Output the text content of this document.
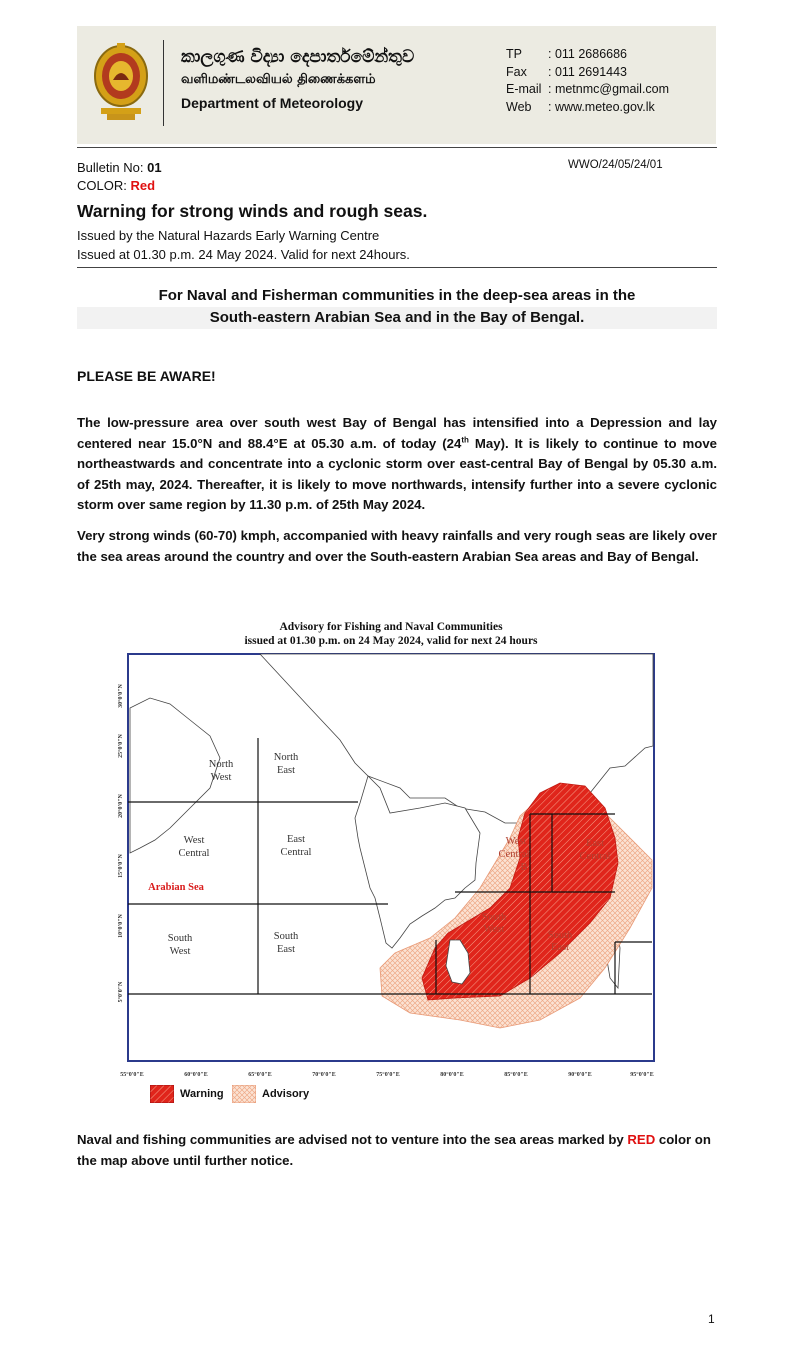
කාලගුණ විද්‍යා දෙපාර්තමේන්තුව
வளிமண்டலவியல் திணைக்களம்
Department of Meteorology
TP	: 011 2686686
Fax	: 011 2691443
E-mail : metnmc@gmail.com
Web	: www.meteo.gov.lk
Bulletin No: 01	WWO/24/05/24/01
COLOR: Red
Warning for strong winds and rough seas.
Issued by the Natural Hazards Early Warning Centre
Issued at 01.30 p.m. 24 May 2024. Valid for next 24hours.
For Naval and Fisherman communities in the deep-sea areas in the
South-eastern Arabian Sea and in the Bay of Bengal.
PLEASE BE AWARE!
The low-pressure area over south west Bay of Bengal has intensified into a Depression and lay centered near 15.0°N and 88.4°E at 05.30 a.m. of today (24th May). It is likely to continue to move northeastwards and concentrate into a cyclonic storm over east-central Bay of Bengal by 05.30 a.m. of 25th may, 2024. Thereafter, it is likely to move northwards, intensify further into a severe cyclonic storm over same region by 11.30 p.m. of 25th May 2024.
Very strong winds (60-70) kmph, accompanied with heavy rainfalls and very rough seas are likely over the sea areas around the country and over the South-eastern Arabian Sea areas and Bay of Bengal.
Advisory for Fishing and Naval Communities
issued at 01.30 p.m. on 24 May 2024, valid for next 24 hours
North
West
North
East
West
Central
East
Central
South
West
South
East
Arabian Sea
West
Central
B
East
Central
South
West
South
East
30°0'0"N
25°0'0"N
20°0'0"N
15°0'0"N
10°0'0"N
5°0'0"N
55°0'0"E	60°0'0"E	65°0'0"E	70°0'0"E	75°0'0"E	80°0'0"E	85°0'0"E	90°0'0"E	95°0'0"E
Warning	Advisory
Naval and fishing communities are advised not to venture into the sea areas marked by RED color on the map above until further notice.
1
